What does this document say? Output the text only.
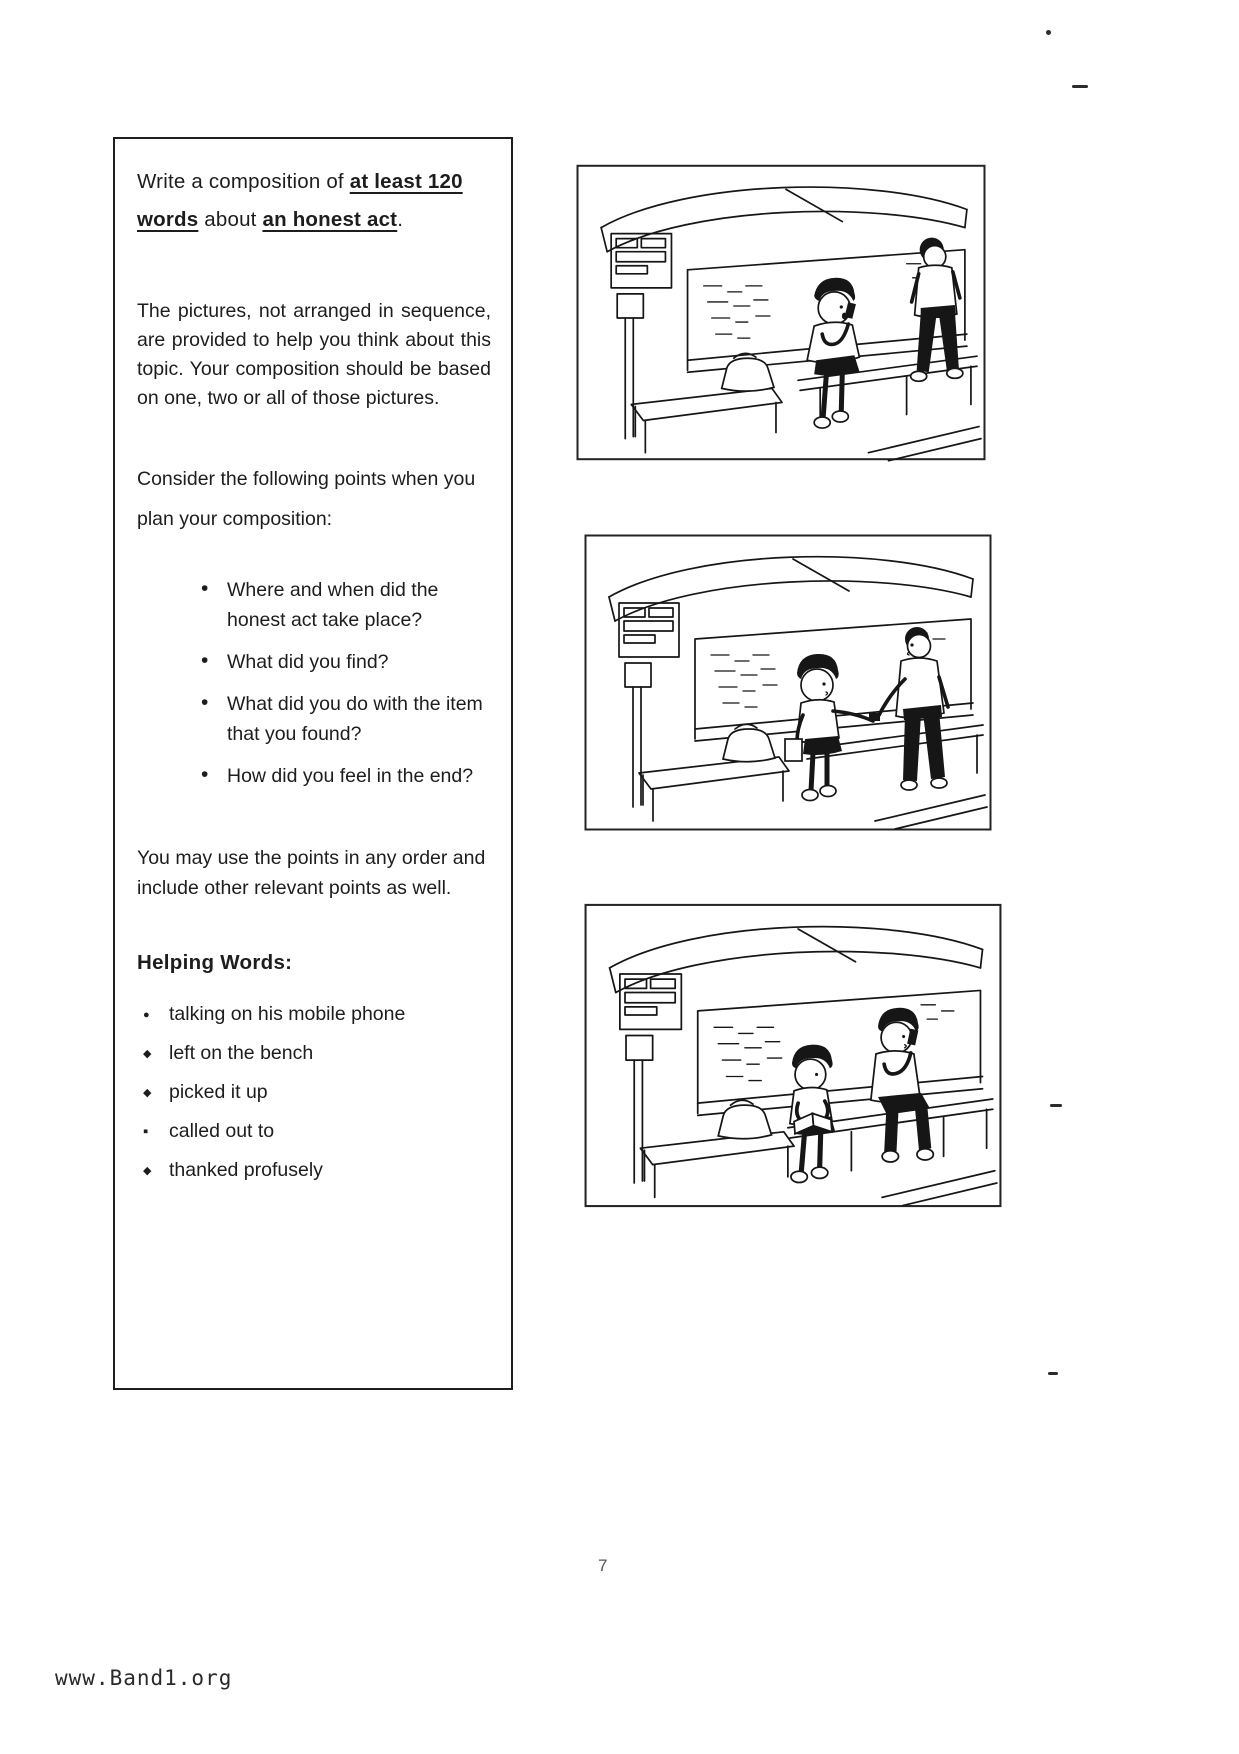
Write a composition of at least 120 words about an honest act.
The pictures, not arranged in sequence, are provided to help you think about this topic. Your composition should be based on one, two or all of those pictures.
Consider the following points when you plan your composition:
• Where and when did the honest act take place?
• What did you find?
• What did you do with the item that you found?
• How did you feel in the end?
You may use the points in any order and include other relevant points as well.
Helping Words:
● talking on his mobile phone
◆ left on the bench
◆ picked it up
▪ called out to
◆ thanked profusely
7
www.Band1.org
